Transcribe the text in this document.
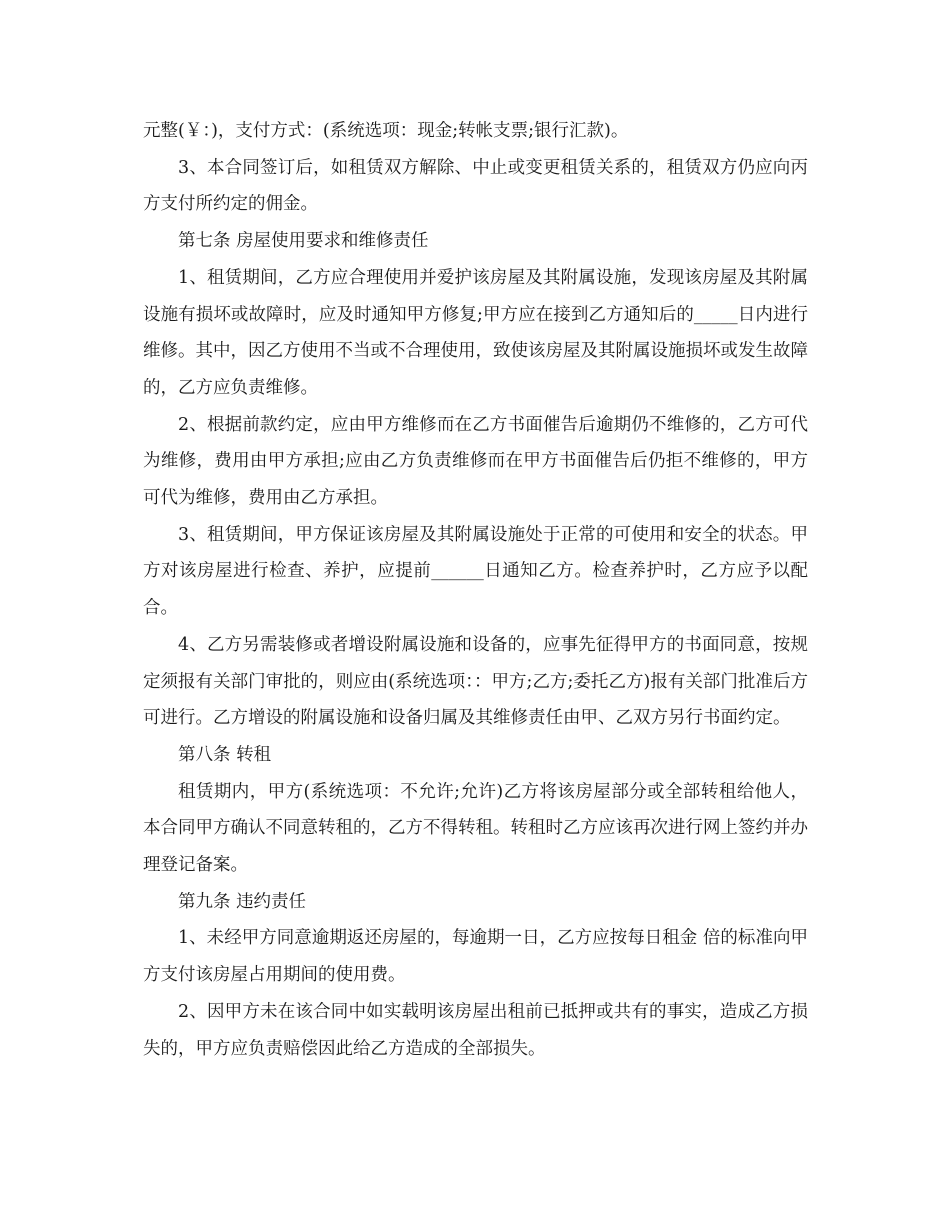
元整(￥：)，支付方式：(系统选项：现金;转帐支票;银行汇款)。

3、本合同签订后，如租赁双方解除、中止或变更租赁关系的，租赁双方仍应向丙方支付所约定的佣金。

第七条 房屋使用要求和维修责任

1、租赁期间，乙方应合理使用并爱护该房屋及其附属设施，发现该房屋及其附属设施有损坏或故障时，应及时通知甲方修复;甲方应在接到乙方通知后的_____日内进行维修。其中，因乙方使用不当或不合理使用，致使该房屋及其附属设施损坏或发生故障的，乙方应负责维修。

2、根据前款约定，应由甲方维修而在乙方书面催告后逾期仍不维修的，乙方可代为维修，费用由甲方承担;应由乙方负责维修而在甲方书面催告后仍拒不维修的，甲方可代为维修，费用由乙方承担。

3、租赁期间，甲方保证该房屋及其附属设施处于正常的可使用和安全的状态。甲方对该房屋进行检查、养护，应提前______日通知乙方。检查养护时，乙方应予以配合。

4、乙方另需装修或者增设附属设施和设备的，应事先征得甲方的书面同意，按规定须报有关部门审批的，则应由(系统选项：：甲方;乙方;委托乙方)报有关部门批准后方可进行。乙方增设的附属设施和设备归属及其维修责任由甲、乙双方另行书面约定。

第八条 转租

租赁期内，甲方(系统选项：不允许;允许)乙方将该房屋部分或全部转租给他人，本合同甲方确认不同意转租的，乙方不得转租。转租时乙方应该再次进行网上签约并办理登记备案。

第九条 违约责任

1、未经甲方同意逾期返还房屋的，每逾期一日，乙方应按每日租金 倍的标准向甲方支付该房屋占用期间的使用费。

2、因甲方未在该合同中如实载明该房屋出租前已抵押或共有的事实，造成乙方损失的，甲方应负责赔偿因此给乙方造成的全部损失。
